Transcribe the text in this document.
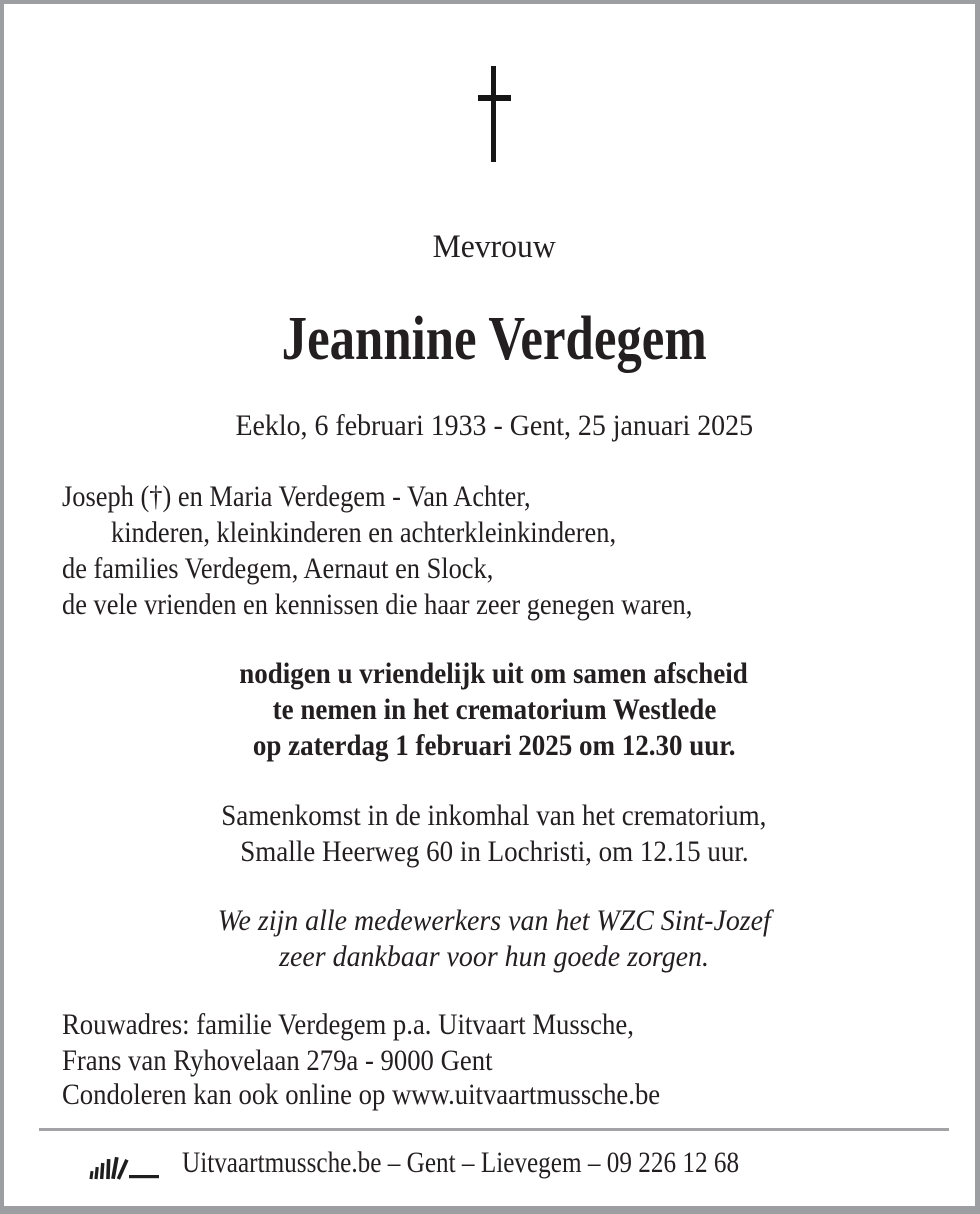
Mevrouw
Jeannine Verdegem
Eeklo, 6 februari 1933 - Gent, 25 januari 2025
Joseph (†) en Maria Verdegem - Van Achter,
kinderen, kleinkinderen en achterkleinkinderen,
de families Verdegem, Aernaut en Slock,
de vele vrienden en kennissen die haar zeer genegen waren,
nodigen u vriendelijk uit om samen afscheid
te nemen in het crematorium Westlede
op zaterdag 1 februari 2025 om 12.30 uur.
Samenkomst in de inkomhal van het crematorium,
Smalle Heerweg 60 in Lochristi, om 12.15 uur.
We zijn alle medewerkers van het WZC Sint-Jozef
zeer dankbaar voor hun goede zorgen.
Rouwadres: familie Verdegem p.a. Uitvaart Mussche,
Frans van Ryhovelaan 279a - 9000 Gent
Condoleren kan ook online op www.uitvaartmussche.be
Uitvaartmussche.be – Gent – Lievegem – 09 226 12 68
